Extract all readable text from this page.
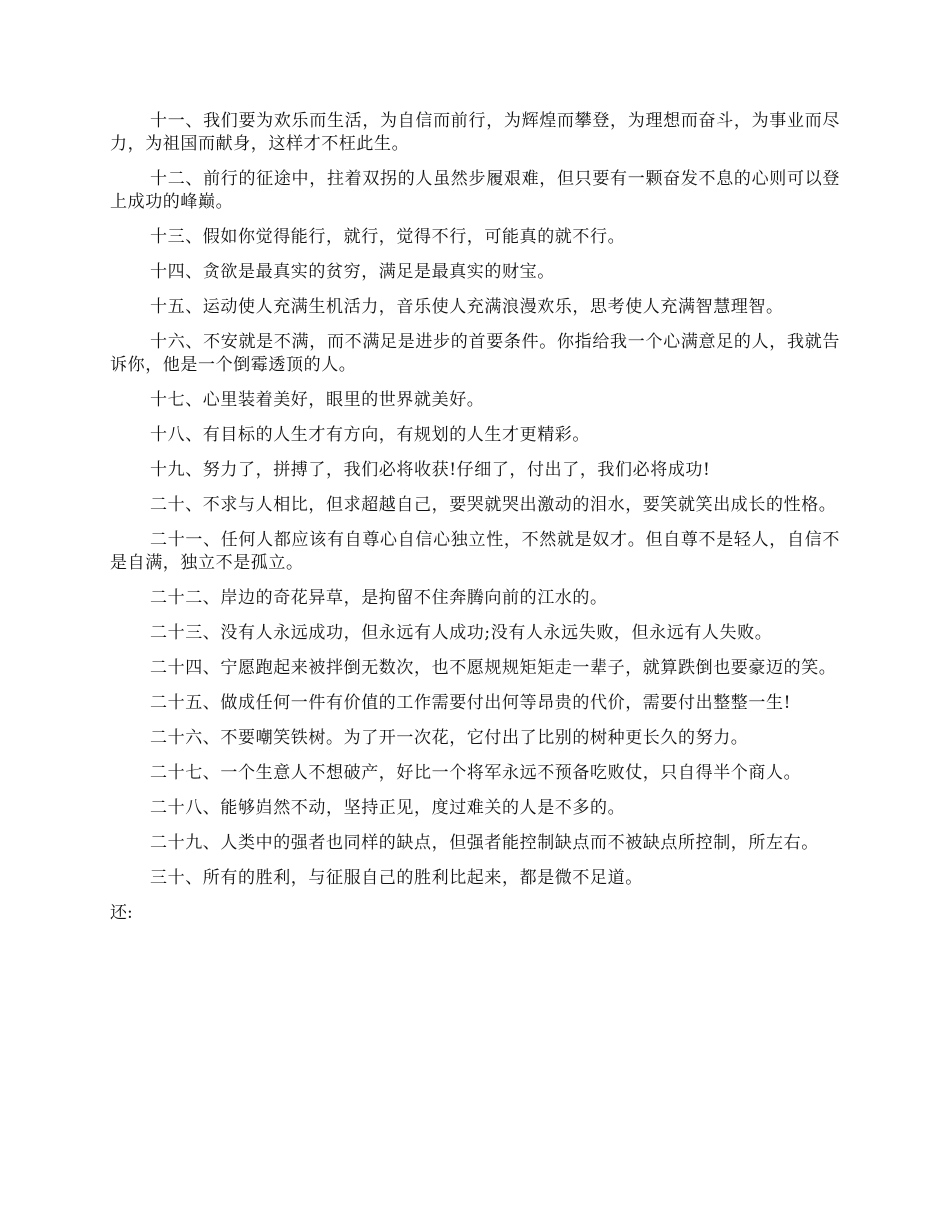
十一、我们要为欢乐而生活，为自信而前行，为辉煌而攀登，为理想而奋斗，为事业而尽力，为祖国而献身，这样才不枉此生。

十二、前行的征途中，拄着双拐的人虽然步履艰难，但只要有一颗奋发不息的心则可以登上成功的峰巅。

十三、假如你觉得能行，就行，觉得不行，可能真的就不行。

十四、贪欲是最真实的贫穷，满足是最真实的财宝。

十五、运动使人充满生机活力，音乐使人充满浪漫欢乐，思考使人充满智慧理智。

十六、不安就是不满，而不满足是进步的首要条件。你指给我一个心满意足的人，我就告诉你，他是一个倒霉透顶的人。

十七、心里装着美好，眼里的世界就美好。

十八、有目标的人生才有方向，有规划的人生才更精彩。

十九、努力了，拼搏了，我们必将收获!仔细了，付出了，我们必将成功!

二十、不求与人相比，但求超越自己，要哭就哭出激动的泪水，要笑就笑出成长的性格。

二十一、任何人都应该有自尊心自信心独立性，不然就是奴才。但自尊不是轻人，自信不是自满，独立不是孤立。

二十二、岸边的奇花异草，是拘留不住奔腾向前的江水的。

二十三、没有人永远成功，但永远有人成功;没有人永远失败，但永远有人失败。

二十四、宁愿跑起来被拌倒无数次，也不愿规规矩矩走一辈子，就算跌倒也要豪迈的笑。

二十五、做成任何一件有价值的工作需要付出何等昂贵的代价，需要付出整整一生!

二十六、不要嘲笑铁树。为了开一次花，它付出了比别的树种更长久的努力。

二十七、一个生意人不想破产，好比一个将军永远不预备吃败仗，只自得半个商人。

二十八、能够岿然不动，坚持正见，度过难关的人是不多的。

二十九、人类中的强者也同样的缺点，但强者能控制缺点而不被缺点所控制，所左右。

三十、所有的胜利，与征服自己的胜利比起来，都是微不足道。

还:
